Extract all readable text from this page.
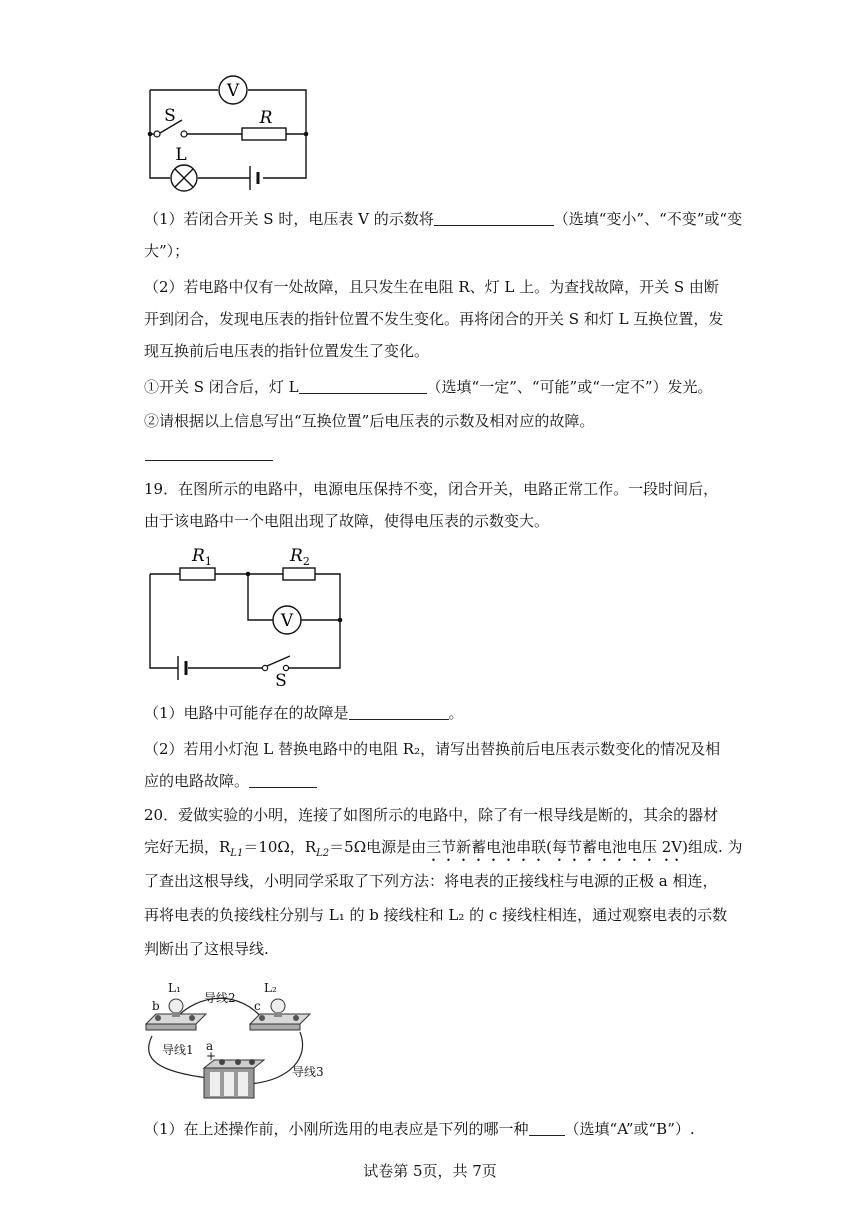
V
S	R
L
（1）若闭合开关 S 时，电压表 V 的示数将	（选填“变小”、“不变”或“变
大”）；
（2）若电路中仅有一处故障，且只发生在电阻 R、灯 L 上。为查找故障，开关 S 由断
开到闭合，发现电压表的指针位置不发生变化。再将闭合的开关 S 和灯 L 互换位置，发
现互换前后电压表的指针位置发生了变化。
①开关 S 闭合后，灯 L	（选填“一定”、“可能”或“一定不”）发光。
②请根据以上信息写出“互换位置”后电压表的示数及相对应的故障。
19．在图所示的电路中，电源电压保持不变，闭合开关，电路正常工作。一段时间后，
由于该电路中一个电阻出现了故障，使得电压表的示数变大。
$R_1$	$R_2$
V
S
（1）电路中可能存在的故障是	。
（2）若用小灯泡 L 替换电路中的电阻 R₂，请写出替换前后电压表示数变化的情况及相
应的电路故障。
20．爱做实验的小明，连接了如图所示的电路中，除了有一根导线是断的，其余的器材
完好无损，$R_{L1}=10\Omega$，$R_{L2}=5\Omega$电源是由三节新蓄电池串联(每节蓄电池电压 2V)组成. 为
了查出这根导线，小明同学采取了下列方法：将电表的正接线柱与电源的正极 a 相连，
再将电表的负接线柱分别与 L₁ 的 b 接线柱和 L₂ 的 c 接线柱相连，通过观察电表的示数
判断出了这根导线.
L₁
导线2
L₂
b	c
导线1 a
+
导线3
（1）在上述操作前，小刚所选用的电表应是下列的哪一种 （选填“A”或“B”）.
试卷第 5页，共 7页
